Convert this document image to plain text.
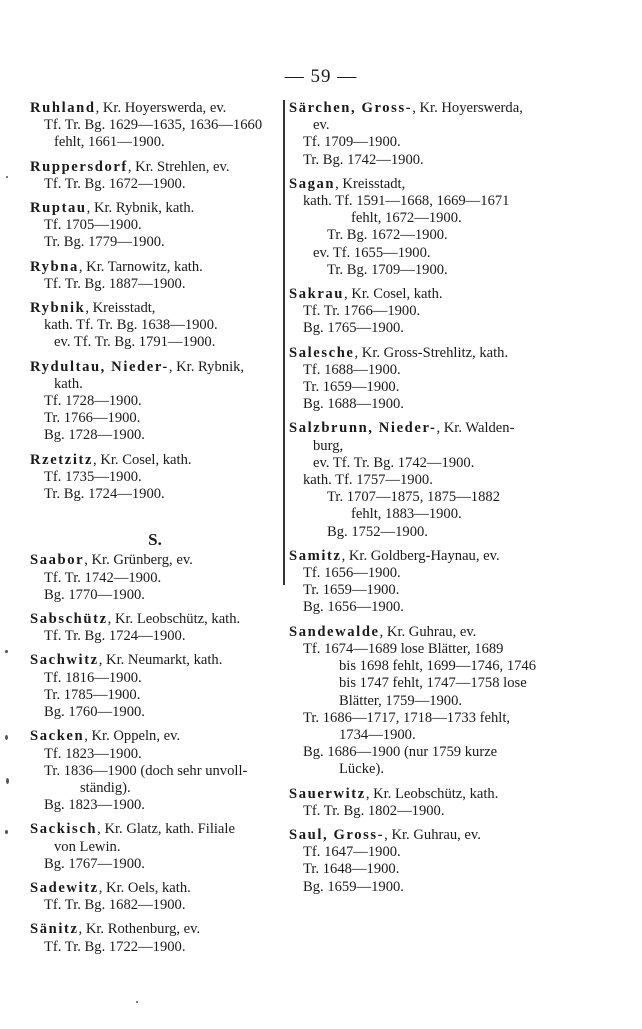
— 59 —
Ruhland, Kr. Hoyerswerda, ev.
Tf. Tr. Bg. 1629—1635, 1636—1660
fehlt, 1661—1900.
Ruppersdorf, Kr. Strehlen, ev.
Tf. Tr. Bg. 1672—1900.
Ruptau, Kr. Rybnik, kath.
Tf. 1705—1900.
Tr. Bg. 1779—1900.
Rybna, Kr. Tarnowitz, kath.
Tf. Tr. Bg. 1887—1900.
Rybnik, Kreisstadt,
kath. Tf. Tr. Bg. 1638—1900.
ev. Tf. Tr. Bg. 1791—1900.
Rydultau, Nieder-, Kr. Rybnik,
kath.
Tf. 1728—1900.
Tr. 1766—1900.
Bg. 1728—1900.
Rzetzitz, Kr. Cosel, kath.
Tf. 1735—1900.
Tr. Bg. 1724—1900.
S.
Saabor, Kr. Grünberg, ev.
Tf. Tr. 1742—1900.
Bg. 1770—1900.
Sabschütz, Kr. Leobschütz, kath.
Tf. Tr. Bg. 1724—1900.
Sachwitz, Kr. Neumarkt, kath.
Tf. 1816—1900.
Tr. 1785—1900.
Bg. 1760—1900.
Sacken, Kr. Oppeln, ev.
Tf. 1823—1900.
Tr. 1836—1900 (doch sehr unvoll-
ständig).
Bg. 1823—1900.
Sackisch, Kr. Glatz, kath. Filiale
von Lewin.
Bg. 1767—1900.
Sadewitz, Kr. Oels, kath.
Tf. Tr. Bg. 1682—1900.
Sänitz, Kr. Rothenburg, ev.
Tf. Tr. Bg. 1722—1900.
Särchen, Gross-, Kr. Hoyerswerda,
ev.
Tf. 1709—1900.
Tr. Bg. 1742—1900.
Sagan, Kreisstadt,
kath. Tf. 1591—1668, 1669—1671
fehlt, 1672—1900.
Tr. Bg. 1672—1900.
ev. Tf. 1655—1900.
Tr. Bg. 1709—1900.
Sakrau, Kr. Cosel, kath.
Tf. Tr. 1766—1900.
Bg. 1765—1900.
Salesche, Kr. Gross-Strehlitz, kath.
Tf. 1688—1900.
Tr. 1659—1900.
Bg. 1688—1900.
Salzbrunn, Nieder-, Kr. Walden-
burg,
ev. Tf. Tr. Bg. 1742—1900.
kath. Tf. 1757—1900.
Tr. 1707—1875, 1875—1882
fehlt, 1883—1900.
Bg. 1752—1900.
Samitz, Kr. Goldberg-Haynau, ev.
Tf. 1656—1900.
Tr. 1659—1900.
Bg. 1656—1900.
Sandewalde, Kr. Guhrau, ev.
Tf. 1674—1689 lose Blätter, 1689
bis 1698 fehlt, 1699—1746, 1746
bis 1747 fehlt, 1747—1758 lose
Blätter, 1759—1900.
Tr. 1686—1717, 1718—1733 fehlt,
1734—1900.
Bg. 1686—1900 (nur 1759 kurze
Lücke).
Sauerwitz, Kr. Leobschütz, kath.
Tf. Tr. Bg. 1802—1900.
Saul, Gross-, Kr. Guhrau, ev.
Tf. 1647—1900.
Tr. 1648—1900.
Bg. 1659—1900.
